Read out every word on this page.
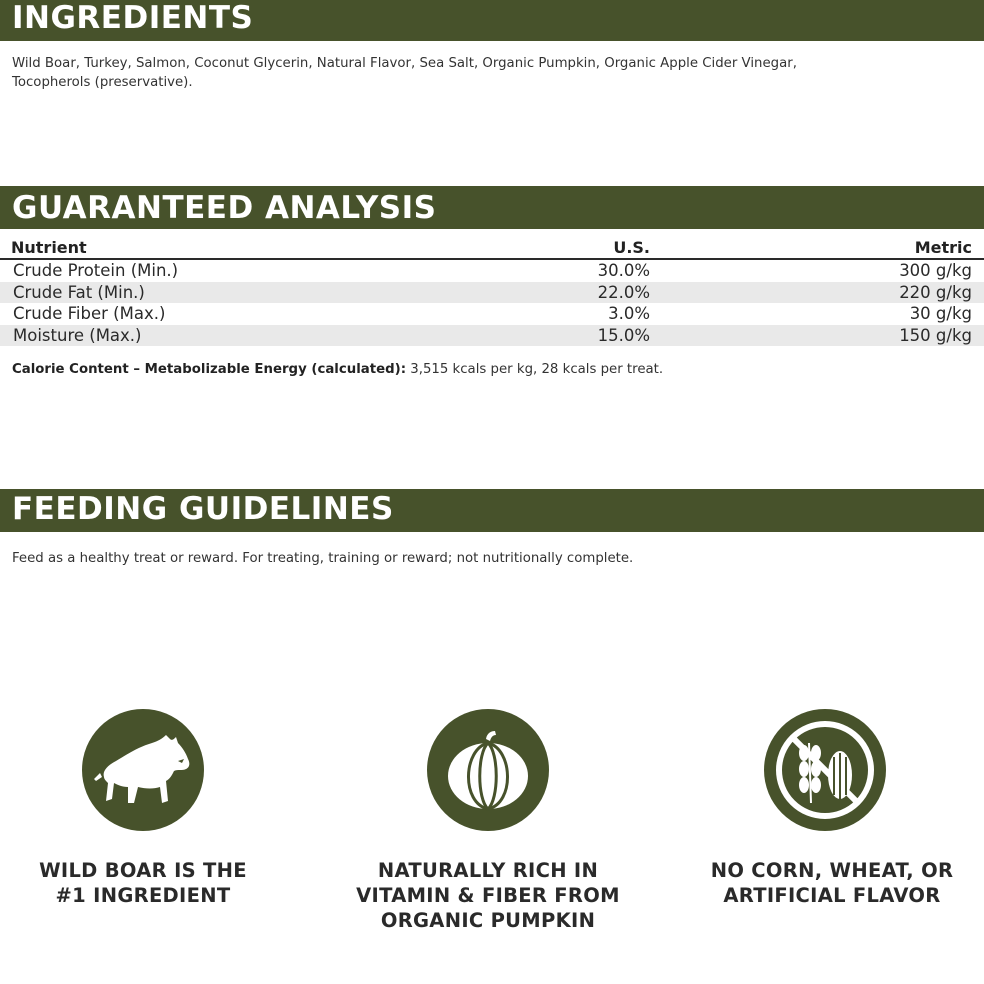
INGREDIENTS
Wild Boar, Turkey, Salmon, Coconut Glycerin, Natural Flavor, Sea Salt, Organic Pumpkin, Organic Apple Cider Vinegar,
Tocopherols (preservative).
GUARANTEED ANALYSIS
Nutrient	U.S.	Metric
Crude Protein (Min.)	30.0%	300 g/kg
Crude Fat (Min.)	22.0%	220 g/kg
Crude Fiber (Max.)	3.0%	30 g/kg
Moisture (Max.)	15.0%	150 g/kg
Calorie Content – Metabolizable Energy (calculated): 3,515 kcals per kg, 28 kcals per treat.
FEEDING GUIDELINES
Feed as a healthy treat or reward. For treating, training or reward; not nutritionally complete.
WILD BOAR IS THE
#1 INGREDIENT
NATURALLY RICH IN
VITAMIN & FIBER FROM
ORGANIC PUMPKIN
NO CORN, WHEAT, OR
ARTIFICIAL FLAVOR
